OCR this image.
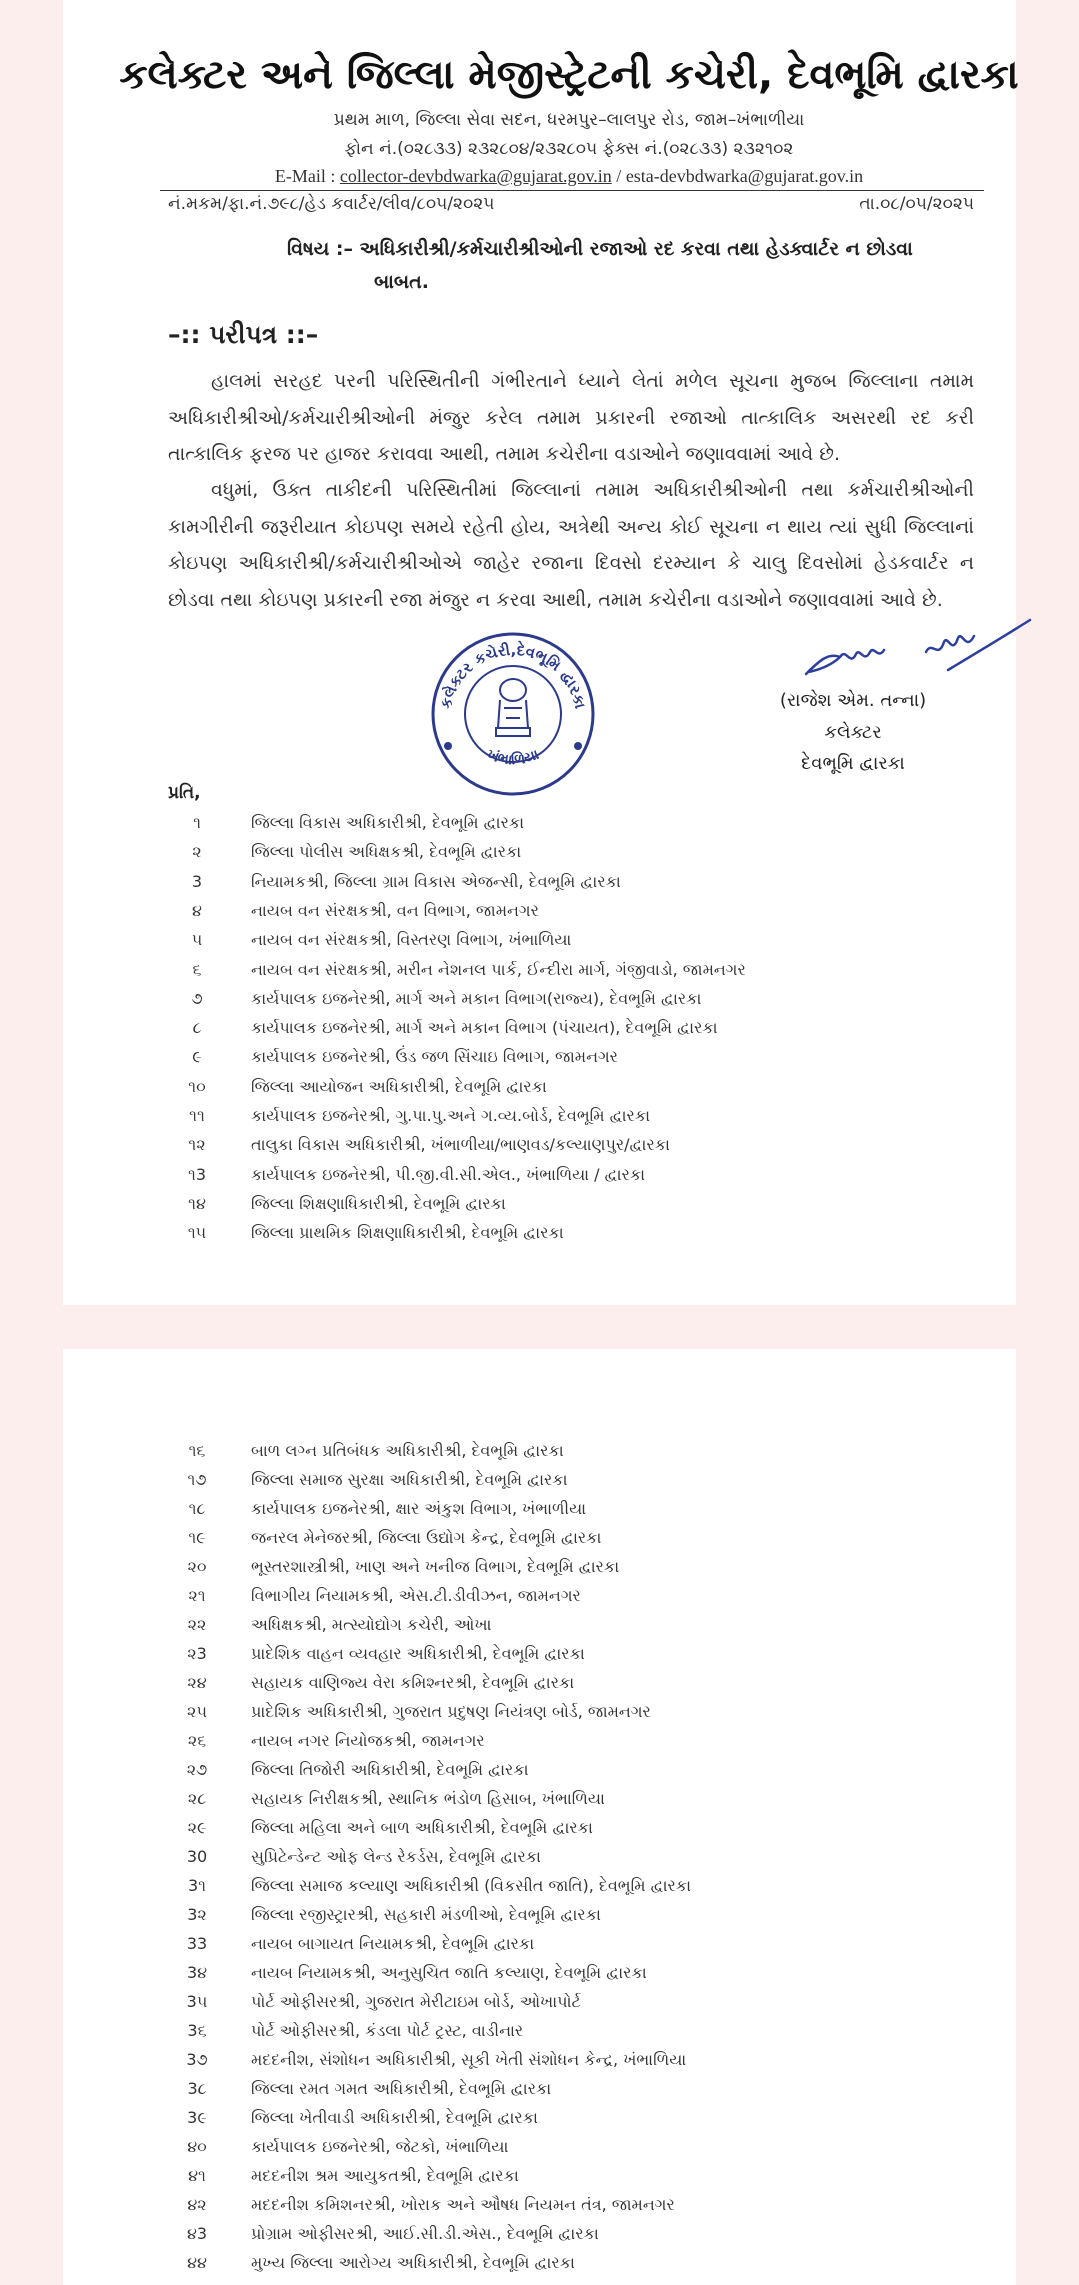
કલેક્ટર અને જિલ્લા મેજીસ્ટ્રેટની કચેરી, દેવભૂમિ દ્વારકા
પ્રથમ માળ, જિલ્લા સેવા સદન, ધરમપુર–લાલપુર રોડ, જામ–ખંભાળીયા
ફોન નં.(૦૨૮૩૩) ૨૩૨૮૦૪/૨૩૨૮૦૫ ફેક્સ નં.(૦૨૮૩૩) ૨૩૨૧૦૨
E-Mail : collector-devbdwarka@gujarat.gov.in / esta-devbdwarka@gujarat.gov.in
નં.મકમ/ફા.નં.૭૯૮/હેડ કવાર્ટર/લીવ/૮૦૫/૨૦૨૫	તા.૦૮/૦૫/૨૦૨૫
વિષય :– અધિકારીશ્રી/કર્મચારીશ્રીઓની રજાઓ રદ કરવા તથા હેડક્વાર્ટર ન છોડવા
બાબત.
–:: પરીપત્ર ::–
હાલમાં સરહદ પરની પરિસ્થિતીની ગંભીરતાને ધ્યાને લેતાં મળેલ સૂચના મુજબ જિલ્લાના તમામ
અધિકારીશ્રીઓ/કર્મચારીશ્રીઓની મંજુર કરેલ તમામ પ્રકારની રજાઓ તાત્કાલિક અસરથી રદ કરી
તાત્કાલિક ફરજ પર હાજર કરાવવા આથી, તમામ કચેરીના વડાઓને જણાવવામાં આવે છે.
વધુમાં, ઉક્ત તાકીદની પરિસ્થિતીમાં જિલ્લાનાં તમામ અધિકારીશ્રીઓની તથા કર્મચારીશ્રીઓની
કામગીરીની જરૂરીયાત કોઇપણ સમયે રહેતી હોય, અત્રેથી અન્ય કોઈ સૂચના ન થાય ત્યાં સુધી જિલ્લાનાં
કોઇપણ અધિકારીશ્રી/કર્મચારીશ્રીઓએ જાહેર રજાના દિવસો દરમ્યાન કે ચાલુ દિવસોમાં હેડકવાર્ટર ન
છોડવા તથા કોઇપણ પ્રકારની રજા મંજુર ન કરવા આથી, તમામ કચેરીના વડાઓને જણાવવામાં આવે છે.
કલેક્ટર કચેરી,દેવભૂમિ દ્વારકા
ખંભાળિયા
(રાજેશ એમ. તન્ના)
કલેક્ટર
દેવભૂમિ દ્વારકા
પ્રતિ,
૧	જિલ્લા વિકાસ અધિકારીશ્રી, દેવભૂમિ દ્વારકા
૨	જિલ્લા પોલીસ અધિક્ષકશ્રી, દેવભૂમિ દ્વારકા
3	નિયામકશ્રી, જિલ્લા ગ્રામ વિકાસ એજન્સી, દેવભૂમિ દ્વારકા
૪	નાયબ વન સંરક્ષકશ્રી, વન વિભાગ, જામનગર
૫	નાયબ વન સંરક્ષકશ્રી, વિસ્તરણ વિભાગ, ખંભાળિયા
૬	નાયબ વન સંરક્ષકશ્રી, મરીન નેશનલ પાર્ક, ઈન્દીરા માર્ગ, ગંજીવાડો, જામનગર
૭	કાર્યપાલક ઇજનેરશ્રી, માર્ગ અને મકાન વિભાગ(રાજ્ય), દેવભૂમિ દ્વારકા
૮	કાર્યપાલક ઇજનેરશ્રી, માર્ગ અને મકાન વિભાગ (પંચાયત), દેવભૂમિ દ્વારકા
૯	કાર્યપાલક ઇજનેરશ્રી, ઉંડ જળ સિંચાઇ વિભાગ, જામનગર
૧૦	જિલ્લા આયોજન અધિકારીશ્રી, દેવભૂમિ દ્વારકા
૧૧	કાર્યપાલક ઇજનેરશ્રી, ગુ.પા.પુ.અને ગ.વ્ય.બોર્ડ, દેવભૂમિ દ્વારકા
૧૨	તાલુકા વિકાસ અધિકારીશ્રી, ખંભાળીયા/ભાણવડ/કલ્યાણપુર/દ્વારકા
૧3	કાર્યપાલક ઇજનેરશ્રી, પી.જી.વી.સી.એલ., ખંભાળિયા / દ્વારકા
૧૪	જિલ્લા શિક્ષણાધિકારીશ્રી, દેવભૂમિ દ્વારકા
૧૫	જિલ્લા પ્રાથમિક શિક્ષણાધિકારીશ્રી, દેવભૂમિ દ્વારકા
૧૬	બાળ લગ્ન પ્રતિબંધક અધિકારીશ્રી, દેવભૂમિ દ્વારકા
૧૭	જિલ્લા સમાજ સુરક્ષા અધિકારીશ્રી, દેવભૂમિ દ્વારકા
૧૮	કાર્યપાલક ઇજનેરશ્રી, ક્ષાર અંકુશ વિભાગ, ખંભાળીયા
૧૯	જનરલ મેનેજરશ્રી, જિલ્લા ઉદ્યોગ કેન્દ્ર, દેવભૂમિ દ્વારકા
૨૦	ભૂસ્તરશાસ્ત્રીશ્રી, ખાણ અને ખનીજ વિભાગ, દેવભૂમિ દ્વારકા
૨૧	વિભાગીય નિયામકશ્રી, એસ.ટી.ડીવીઝન, જામનગર
૨૨	અધિક્ષકશ્રી, મત્સ્યોદ્યોગ કચેરી, ઓખા
૨3	પ્રાદેશિક વાહન વ્યવહાર અધિકારીશ્રી, દેવભૂમિ દ્વારકા
૨૪	સહાયક વાણિજ્ય વેરા કમિશ્નરશ્રી, દેવભૂમિ દ્વારકા
૨૫	પ્રાદેશિક અધિકારીશ્રી, ગુજરાત પ્રદુષણ નિયંત્રણ બોર્ડ, જામનગર
૨૬	નાયબ નગર નિયોજકશ્રી, જામનગર
૨૭	જિલ્લા તિજોરી અધિકારીશ્રી, દેવભૂમિ દ્વારકા
૨૮	સહાયક નિરીક્ષકશ્રી, સ્થાનિક ભંડોળ હિસાબ, ખંભાળિયા
૨૯	જિલ્લા મહિલા અને બાળ અધિકારીશ્રી, દેવભૂમિ દ્વારકા
30	સુપ્રિટેન્ડેન્ટ ઓફ લેન્ડ રેકર્ડસ, દેવભૂમિ દ્વારકા
3૧	જિલ્લા સમાજ કલ્યાણ અધિકારીશ્રી (વિકસીત જાતિ), દેવભૂમિ દ્વારકા
3૨	જિલ્લા રજીસ્ટ્રારશ્રી, સહકારી મંડળીઓ, દેવભૂમિ દ્વારકા
33	નાયબ બાગાયત નિયામકશ્રી, દેવભૂમિ દ્વારકા
3૪	નાયબ નિયામકશ્રી, અનુસુચિત જાતિ કલ્યાણ, દેવભૂમિ દ્વારકા
3૫	પોર્ટ ઓફીસરશ્રી, ગુજરાત મેરીટાઇમ બોર્ડ, ઓખાપોર્ટ
3૬	પોર્ટ ઓફીસરશ્રી, કંડલા પોર્ટ ટ્રસ્ટ, વાડીનાર
3૭	મદદનીશ, સંશોધન અધિકારીશ્રી, સૂકી ખેતી સંશોધન કેન્દ્ર, ખંભાળિયા
3૮	જિલ્લા રમત ગમત અધિકારીશ્રી, દેવભૂમિ દ્વારકા
3૯	જિલ્લા ખેતીવાડી અધિકારીશ્રી, દેવભૂમિ દ્વારકા
૪૦	કાર્યપાલક ઇજનેરશ્રી, જેટકો, ખંભાળિયા
૪૧	મદદનીશ શ્રમ આયુકતશ્રી, દેવભૂમિ દ્વારકા
૪૨	મદદનીશ કમિશનરશ્રી, ખોરાક અને ઔષધ નિયમન તંત્ર, જામનગર
૪3	પ્રોગ્રામ ઓફીસરશ્રી, આઈ.સી.ડી.એસ., દેવભૂમિ દ્વારકા
૪૪	મુખ્ય જિલ્લા આરોગ્ય અધિકારીશ્રી, દેવભૂમિ દ્વારકા
